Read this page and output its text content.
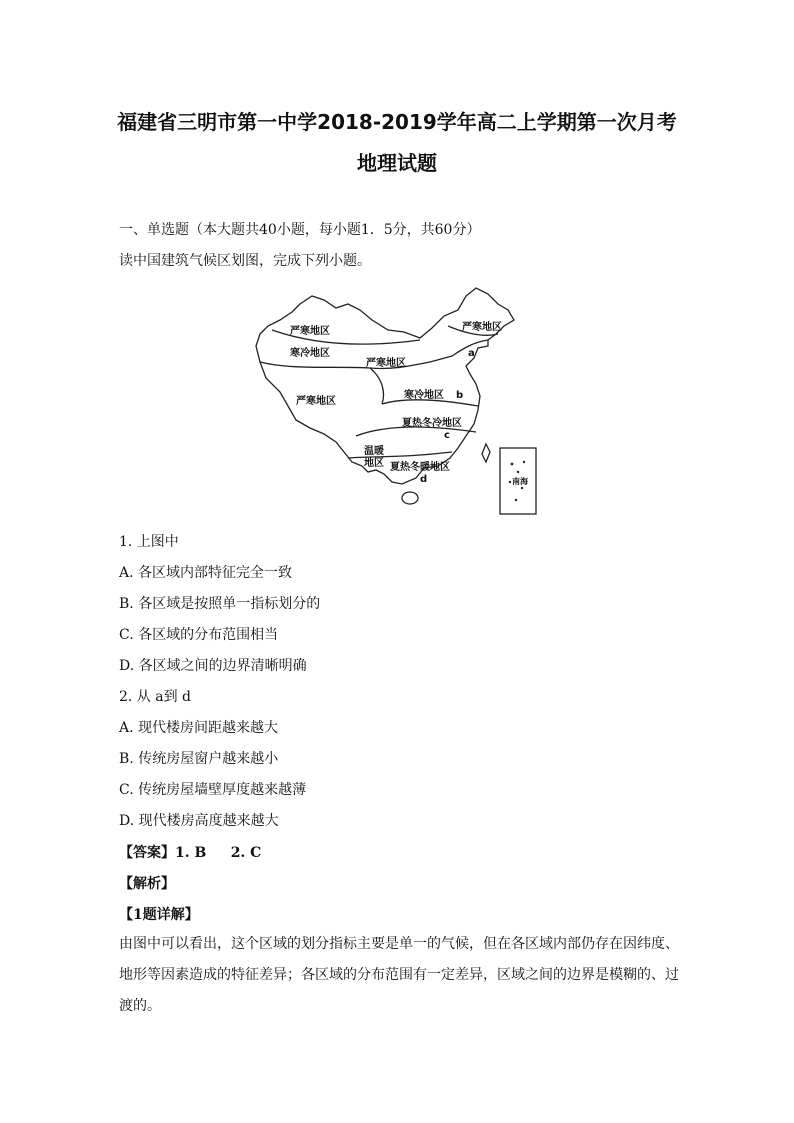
福建省三明市第一中学2018-2019学年高二上学期第一次月考
地理试题
一、单选题（本大题共40小题，每小题1．5分，共60分）
读中国建筑气候区划图，完成下列小题。
严寒地区
寒冷地区
严寒地区
严寒地区
严寒地区
寒冷地区
夏热冬冷地区
温暖
地区 夏热冬暖地区
a
b
c
d	南海
1. 上图中
A. 各区域内部特征完全一致
B. 各区域是按照单一指标划分的
C. 各区域的分布范围相当
D. 各区域之间的边界清晰明确
2. 从 a到 d
A. 现代楼房间距越来越大
B. 传统房屋窗户越来越小
C. 传统房屋墙壁厚度越来越薄
D. 现代楼房高度越来越大
【答案】1. B     2. C
【解析】
【1题详解】
由图中可以看出，这个区域的划分指标主要是单一的气候，但在各区域内部仍存在因纬度、地形等因素造成的特征差异；各区域的分布范围有一定差异，区域之间的边界是模糊的、过渡的。
